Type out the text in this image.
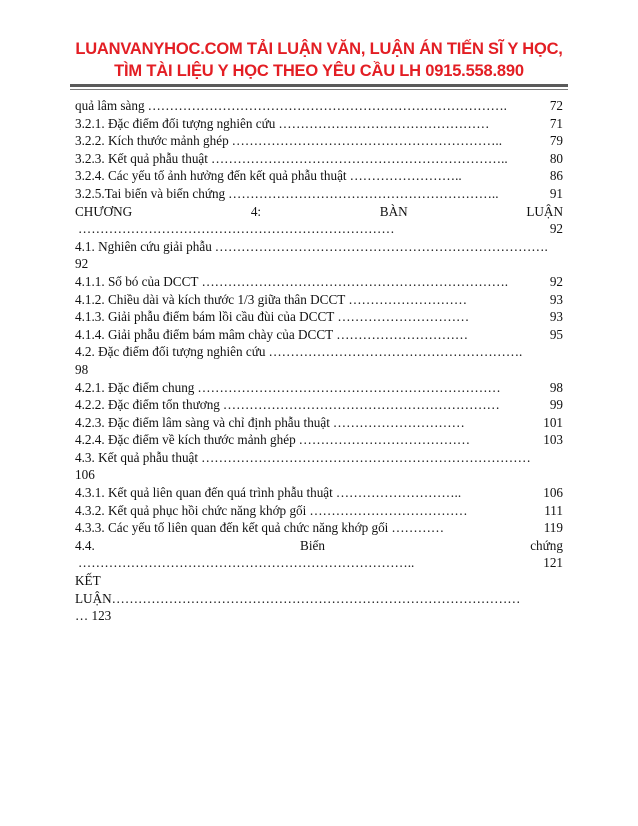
LUANVANYHOC.COM TẢI LUẬN VĂN, LUẬN ÁN TIẾN SĨ Y HỌC,
TÌM TÀI LIỆU Y HỌC THEO YÊU CẦU LH 0915.558.890
quả lâm sàng ……………………………………………………………………….	72
3.2.1. Đặc điểm đối tượng nghiên cứu …………………………………………	71
3.2.2. Kích thước mảnh ghép ……………………………………………………..	79
3.2.3. Kết quả phẫu thuật …………………………………………………………..	80
3.2.4. Các yếu tố ảnh hưởng đến kết quả phẫu thuật ……………………..	86
3.2.5.Tai biến và biến chứng ……………………………………………………..	91
CHƯƠNG	4:	BÀN	LUẬN
………………………………………………………………	92
4.1. Nghiên cứu giải phẫu ………………………………………………………………….
92
4.1.1. Số bó của DCCT …………………………………………………………….	92
4.1.2. Chiều dài và kích thước 1/3 giữa thân DCCT ………………………	93
4.1.3. Giải phẫu điểm bám lồi cầu đùi của DCCT …………………………	93
4.1.4. Giải phẫu điểm bám mâm chày của DCCT …………………………	95
4.2. Đặc điểm đối tượng nghiên cứu ………………………………………………….
98
4.2.1. Đặc điểm chung ……………………………………………………………	98
4.2.2. Đặc điểm tổn thương ………………………………………………………	99
4.2.3. Đặc điểm lâm sàng và chỉ định phẫu thuật …………………………	101
4.2.4. Đặc điểm về kích thước mảnh ghép …………………………………	103
4.3. Kết quả phẫu thuật …………………………………………………………………
106
4.3.1. Kết quả liên quan đến quá trình phẫu thuật ………………………..	106
4.3.2. Kết quả phục hồi chức năng khớp gối ………………………………	111
4.3.3. Các yếu tố liên quan đến kết quả chức năng khớp gối …………	119
4.4.	Biến	chứng
…………………………………………………………………..	121
KẾT
LUẬN…………………………………………………………………………………
… 123
